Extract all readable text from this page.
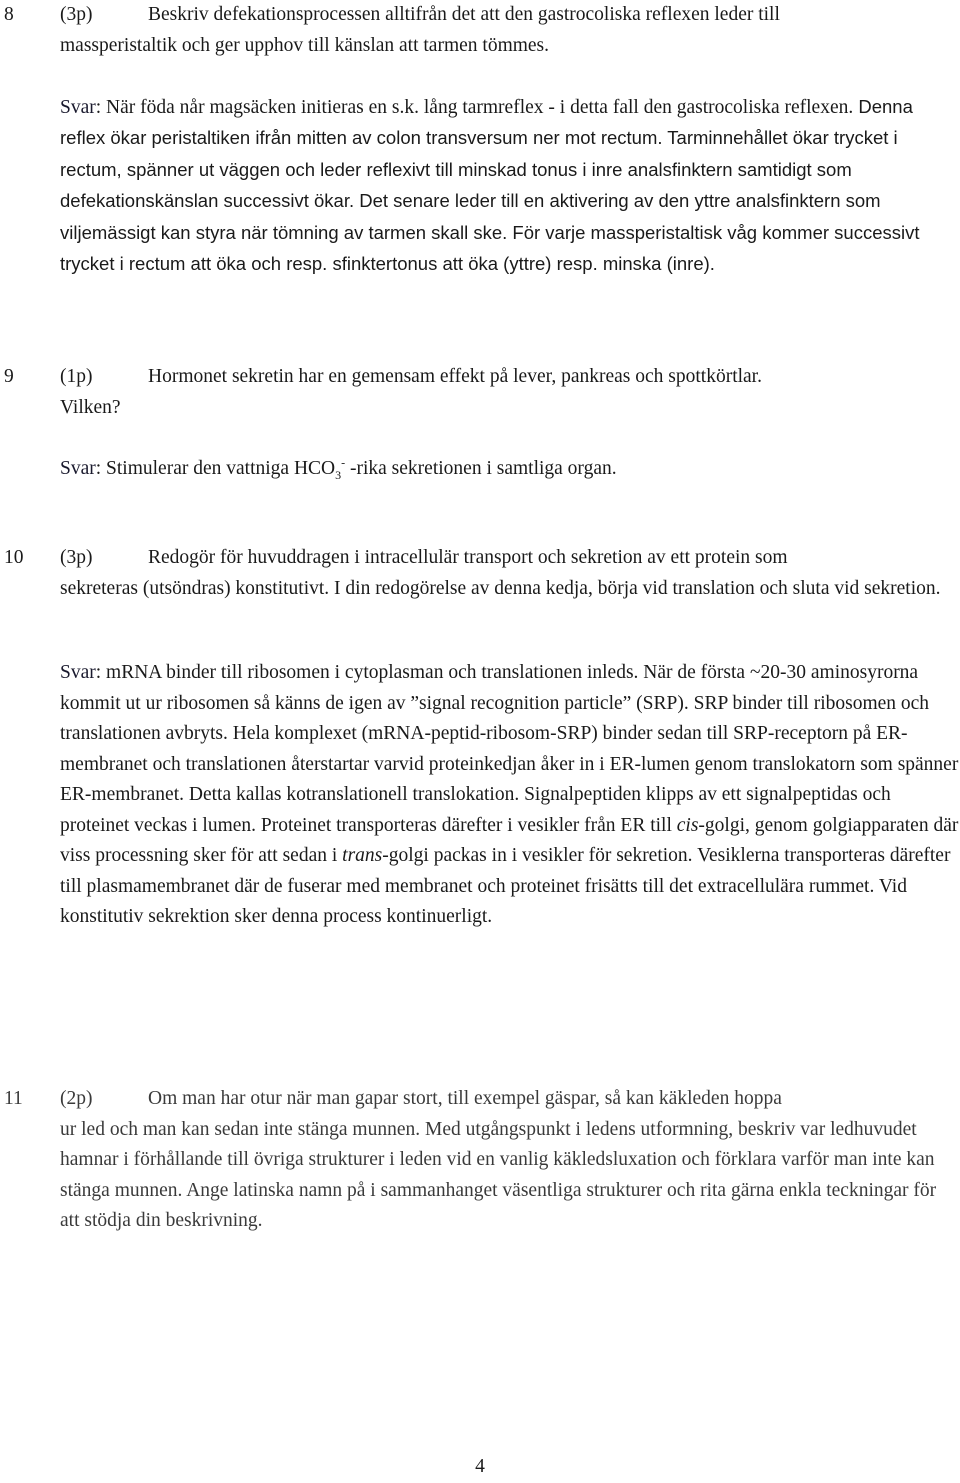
8 (3p)	Beskriv defekationsprocessen alltifrån det att den gastrocoliska reflexen leder till

massperistaltik och ger upphov till känslan att tarmen tömmes.

Svar: När föda når magsäcken initieras en s.k. lång tarmreflex - i detta fall den gastrocoliska reflexen. Denna reflex ökar peristaltiken ifrån mitten av colon transversum ner mot rectum. Tarminnehållet ökar trycket i rectum, spänner ut väggen och leder reflexivt till minskad tonus i inre analsfinktern samtidigt som defekationskänslan successivt ökar. Det senare leder till en aktivering av den yttre analsfinktern som viljemässigt kan styra när tömning av tarmen skall ske. För varje massperistaltisk våg kommer successivt trycket i rectum att öka och resp. sfinktertonus att öka (yttre) resp. minska (inre).

9 (1p)	Hormonet sekretin har en gemensam effekt på lever, pankreas och spottkörtlar.

Vilken?

Svar: Stimulerar den vattniga $HCO_3^-$ -rika sekretionen i samtliga organ.

10 (3p)	Redogör för huvuddragen i intracellulär transport och sekretion av ett protein som

sekreteras (utsöndras) konstitutivt. I din redogörelse av denna kedja, börja vid translation och sluta vid sekretion.

Svar: mRNA binder till ribosomen i cytoplasman och translationen inleds. När de första ~20-30 aminosyrorna kommit ut ur ribosomen så känns de igen av ”signal recognition particle” (SRP). SRP binder till ribosomen och translationen avbryts. Hela komplexet (mRNA-peptid-ribosom-SRP) binder sedan till SRP-receptorn på ER-membranet och translationen återstartar varvid proteinkedjan åker in i ER-lumen genom translokatorn som spänner ER-membranet. Detta kallas kotranslationell translokation. Signalpeptiden klipps av ett signalpeptidas och proteinet veckas i lumen. Proteinet transporteras därefter i vesikler från ER till cis-golgi, genom golgiapparaten där viss processning sker för att sedan i trans-golgi packas in i vesikler för sekretion. Vesiklerna transporteras därefter till plasmamembranet där de fuserar med membranet och proteinet frisätts till det extracellulära rummet. Vid konstitutiv sekrektion sker denna process kontinuerligt.

11 (2p)	Om man har otur när man gapar stort, till exempel gäspar, så kan käkleden hoppa

ur led och man kan sedan inte stänga munnen. Med utgångspunkt i ledens utformning, beskriv var ledhuvudet hamnar i förhållande till övriga strukturer i leden vid en vanlig käkledsluxation och förklara varför man inte kan stänga munnen. Ange latinska namn på i sammanhanget väsentliga strukturer och rita gärna enkla teckningar för att stödja din beskrivning.

4
